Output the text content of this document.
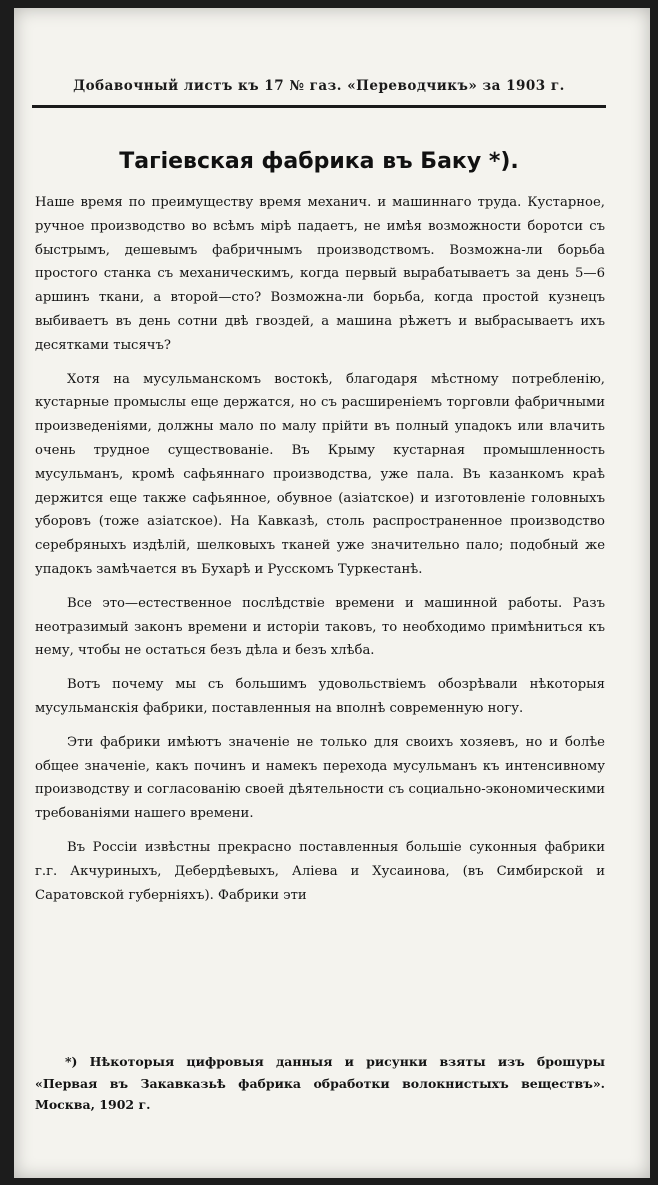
Добавочный листъ къ 17 № газ. «Переводчикъ» за 1903 г.
Тагiевская фабрика въ Баку *).

Наше время по преимуществу время механич. и машиннаго труда. Кустарное, ручное производство во всѣмъ мiрѣ падаетъ, не имѣя возможности боротси съ быстрымъ, дешевымъ фабричнымъ производствомъ. Возможна-ли борьба простого станка съ механическимъ, когда первый вырабатываетъ за день 5—6 аршинъ ткани, а второй—сто? Возможна-ли борьба, когда простой кузнецъ выбиваетъ въ день сотни двѣ гвоздей, а машина рѣжетъ и выбрасываетъ ихъ десятками тысячъ?

Хотя на мусульманскомъ востокѣ, благодаря мѣстному потребленiю, кустарные промыслы еще держатся, но съ расширенiемъ торговли фабричными произведенiями, должны мало по малу прiйти въ полный упадокъ или влачить очень трудное существованiе. Въ Крыму кустарная промышленность мусульманъ, кромѣ сафьяннаго производства, уже пала. Въ казанкомъ краѣ держится еще также сафьянное, обувное (азiатское) и изготовленiе головныхъ уборовъ (тоже азiатское). На Кавказѣ, столь распространенное производство серебряныхъ издѣлiй, шелковыхъ тканей уже значительно пало; подобный же упадокъ замѣчается въ Бухарѣ и Русскомъ Туркестанѣ.

Все это—естественное послѣдствiе времени и машинной работы. Разъ неотразимый законъ времени и исторiи таковъ, то необходимо примѣниться къ нему, чтобы не остаться безъ дѣла и безъ хлѣба.

Вотъ почему мы съ большимъ удовольствiемъ обозрѣвали нѣкоторыя мусульманскiя фабрики, поставленныя на вполнѣ современную ногу.

Эти фабрики имѣютъ значенiе не только для своихъ хозяевъ, но и болѣе общее значенiе, какъ починъ и намекъ перехода мусульманъ къ интенсивному производству и согласованiю своей дѣятельности съ социально-экономическими требованiями нашего времени.

Въ Россiи извѣстны прекрасно поставленныя большiе суконныя фабрики г.г. Акчуриныхъ, Дебердѣевыхъ, Алiева и Хусаинова, (въ Симбирской и Саратовской губернiяхъ). Фабрики эти

*) Нѣкоторыя цифровыя данныя и рисунки взяты изъ брошуры «Первая въ Закавказьѣ фабрика обработки волокнистыхъ веществъ». Москва, 1902 г.
